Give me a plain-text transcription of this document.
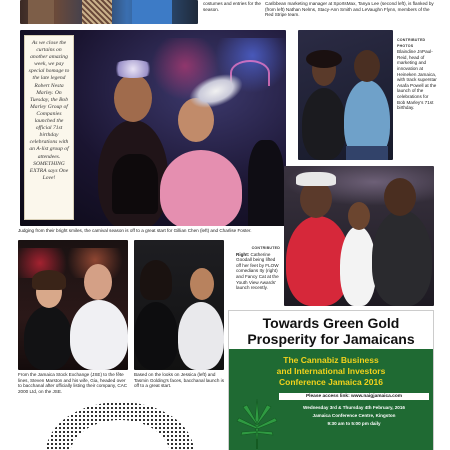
costumes and entries for the season.
Caribbean marketing manager at SportsMax, Tanya Lee (second left), is flanked by (from left) Nathan Nelms, Stacy-Ann Smith and LeVaughn Flynn, members of the Red Stripe team.
As we close the curtains on another amazing week, we pay special homage to the late legend Robert Nesta Marley. On Tuesday, the Bob Marley Group of Companies launched the official 71st birthday celebrations with an A-list group of attendees. SOMETHING EXTRA says One Love!
Judging from their bright smiles, the carnival season is off to a great start for Gillian Chen (left) and Charlise Foster.
CONTRIBUTED PHOTOS
Blaindine JnPaul-Reid, head of marketing and innovation at Heineken Jamaica, with track superstar Asafa Powell at the launch of the celebrations for Bob Marley's 71st birthday.
CONTRIBUTED
Right: Catherine Goodall being lifted off her feet by FLOW comedians Ity (right) and Fancy Cat at the Youth View Awards' launch recently.
From the Jamaica Stock Exchange (JSE) to the fête lines, Steven Marston and his wife, Gia, headed over to bacchanal after officially listing their company, CAC 2000 Ltd, on the JSE.
Based on the looks on Jessica (left) and Tasmin Golding's faces, bacchanal launch is off to a great start.
Towards Green Gold
Prosperity for Jamaicans
The Cannabiz Business
and International Investors
Conference Jamaica 2016
Please access link: www.naigjamaica.com
Wednesday 3rd & Thursday 4th February, 2016
Jamaica Conference Centre, Kingston
9:30 am to 5:00 pm daily
